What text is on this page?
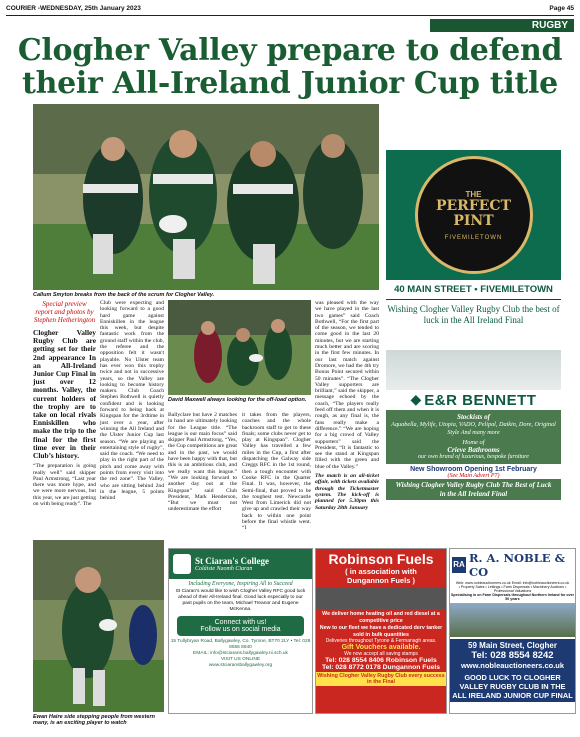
COURIER -WEDNESDAY, 25th January 2023	Page 45
RUGBY
Clogher Valley prepare to defend their All-Ireland Junior Cup title
Callum Smyton breaks from the back of the scrum for Clogher Valley.
Special preview report and photos by Stephen Hetherington
Clogher Valley Rugby Club are getting set for their 2nd appearance In an All-Ireland Junior Cup Final in just over 12 months. Valley, the current holders of the trophy are to take on local rivals Enniskillen who make the trip to the final for the first time ever in their Club’s history.
“The preparation is going really well” said skipper Paul Armstrong, “Last year there was more hype, and we were more nervous, but this year, we are just getting on with being ready”. The
Club were expecting and looking forward to a good hard game against Enniskillen in the league this week, but despite fantastic work from the ground staff within the club, the referee and the opposition felt it wasn't playable. No Ulster team has ever won this trophy twice and not in successive years, so the Valley are looking to become history makers. Club Coach Stephen Bothwell is quietly confident and is looking forward to being back at Kingspan for the 3rdtime in just over a year, after winning the All Ireland and the Ulster Junior Cup last season. “We are playing an entertaining style of rugby”, said the coach. “We need to play in the right part of the pitch and come away with points from every visit into the red zone”. The Valley, who are sitting behind 2nd in the league, 5 points behind
David Maxwell always looking for the off-load option.
Ballyclare but have 2 matches in hand are ultimately looking for the League title. “The league is our main focus” said skipper Paul Armstrong, “Yes, the Cup competitions are great and in the past, we would have been happy with that, but this is an ambitious club, and we really want this league.” “We are looking forward to another day out at the Kingspan” said Club President, Mark Henderson, “But we must not underestimate the effort
it takes from the players, coaches and the whole backroom staff to get to these finals; some clubs never get to play at Kingspan”. Clogher Valley has travelled a few miles in the Cup, a first after dispatching the Galway side Creggs RFC in the 1st round, then a tough encounter with Cooke RFC in the Quarter Final. It was, however, the Semi-final, that proved to be the toughest test. Newcastle West from Limerick did not give up and crawled their way back to within one point before the final whistle went. “I
was pleased with the way we have played in the last two games” said Coach Bothwell, “For the first part of the season, we tended to come good in the last 20 minutes, but we are starting much better and are scoring in the first few minutes. In our last match against Dromore, we had the 4th try Bonus Point secured within 50 minutes”. “The Clogher Valley supporters are brilliant,” said the skipper, a message echoed by the coach, “The players really feed off them and when it is rough, as any final is, the fans really make a difference.” “We are hoping for a big crowd of Valley supporters” said the President, “It is fantastic to see the stand at Kingspan filled with the green and blue of the Valley.”
The match is an all-ticket affair, with tickets available through the Ticketmaster system. The kick-off is planned for 5.30pm this Saturday 28th January
Ewan Haire side stepping people from western many, is an exciting player to watch
THE
PERFECT PINT
FIVEMILETOWN
40 MAIN STREET • FIVEMILETOWN
Wishing Clogher Valley Rugby Club the best of luck in the All Ireland Final
◆ E&R BENNETT
Stockists of
Aquabella, Mylife, Utopia, VADO, Pelipal, Daikin, Dore, Original Style And many more
Home of
Crieve Bathrooms
our own brand of luxurious, bespoke furniture
New Showroom Opening 1st February
(See Main Advert P7)
Wishing Clogher Valley Rugby Club The Best of Luck in the All Ireland Final
St Ciaran's College
Coláiste Naomh Ciaran
Including Everyone, Inspiring All to Succeed
St Ciaran's would like to wish Clogher Valley RFC good luck ahead of their All-Ireland final. Good luck especially to our past pupils on the team, Michael Treanor and Eugene McKenna.
Connect with us!
Follow us on social media
15 Tullybryan Road, Ballygawley, Co. Tyrone, BT70 2LY • Tel: 028 8556 8640
EMAIL: info@stciarans.ballygawley.ni.sch.uk
VISIT US ONLINE
www.stciaransballygawley.org
Robinson Fuels
( in association with
Dungannon Fuels )
We deliver home heating oil and red diesel at a competitive price
New to our fleet we have a dedicated derv tanker sold in bulk quantities
Deliveries throughout Tyrone & Fermanagh areas.
Gift Vouchers available.
We now accept all saving stamps
Tel: 028 8554 8406 Robinson Fuels
Tel: 028 8772 0178 Dungannon Fuels
Wishing Clogher Valley Rugby Club every success in the Final
RA R. A. NOBLE & CO
Web: www.nobleauctioneers.co.uk Email: info@nobleauctioneers.co.uk
• Property Sales • Lettings • Farm Dispersals • Machinery Auctions • Professional Valuations
Specialising in on Farm Dispersals throughout Northern Ireland for over 50 years
59 Main Street, Clogher
Tel: 028 8554 8242
www.nobleauctioneers.co.uk
GOOD LUCK TO CLOGHER VALLEY RUGBY CLUB IN THE ALL IRELAND JUNIOR CUP FINAL
